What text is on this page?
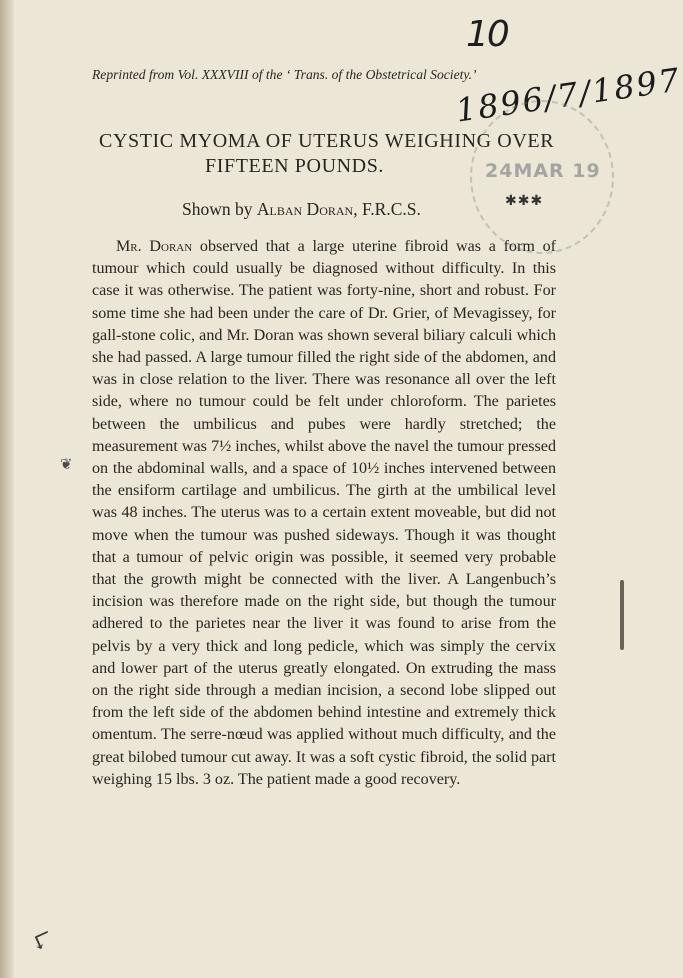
10
Reprinted from Vol. XXXVIII of the ‘ Trans. of the Obstetrical Society.’
1896/7/1897
24MAR 19
✱✱✱
CYSTIC MYOMA OF UTERUS WEIGHING OVER
FIFTEEN POUNDS.
Shown by Alban Doran, F.R.C.S.

Mr. Doran observed that a large uterine fibroid was a form of tumour which could usually be diagnosed without difficulty. In this case it was otherwise. The patient was forty-nine, short and robust. For some time she had been under the care of Dr. Grier, of Mevagissey, for gall-stone colic, and Mr. Doran was shown several biliary calculi which she had passed. A large tumour filled the right side of the abdomen, and was in close relation to the liver. There was resonance all over the left side, where no tumour could be felt under chloroform. The parietes between the umbilicus and pubes were hardly stretched; the measurement was 7½ inches, whilst above the navel the tumour pressed on the abdominal walls, and a space of 10½ inches intervened between the ensiform cartilage and umbilicus. The girth at the umbilical level was 48 inches. The uterus was to a certain extent moveable, but did not move when the tumour was pushed sideways. Though it was thought that a tumour of pelvic origin was possible, it seemed very probable that the growth might be connected with the liver. A Langenbuch’s incision was therefore made on the right side, but though the tumour adhered to the parietes near the liver it was found to arise from the pelvis by a very thick and long pedicle, which was simply the cervix and lower part of the uterus greatly elongated. On extruding the mass on the right side through a median incision, a second lobe slipped out from the left side of the abdomen behind intestine and extremely thick omentum. The serre-nœud was applied without much difficulty, and the great bilobed tumour cut away. It was a soft cystic fibroid, the solid part weighing 15 lbs. 3 oz. The patient made a good recovery.

❦
☇
